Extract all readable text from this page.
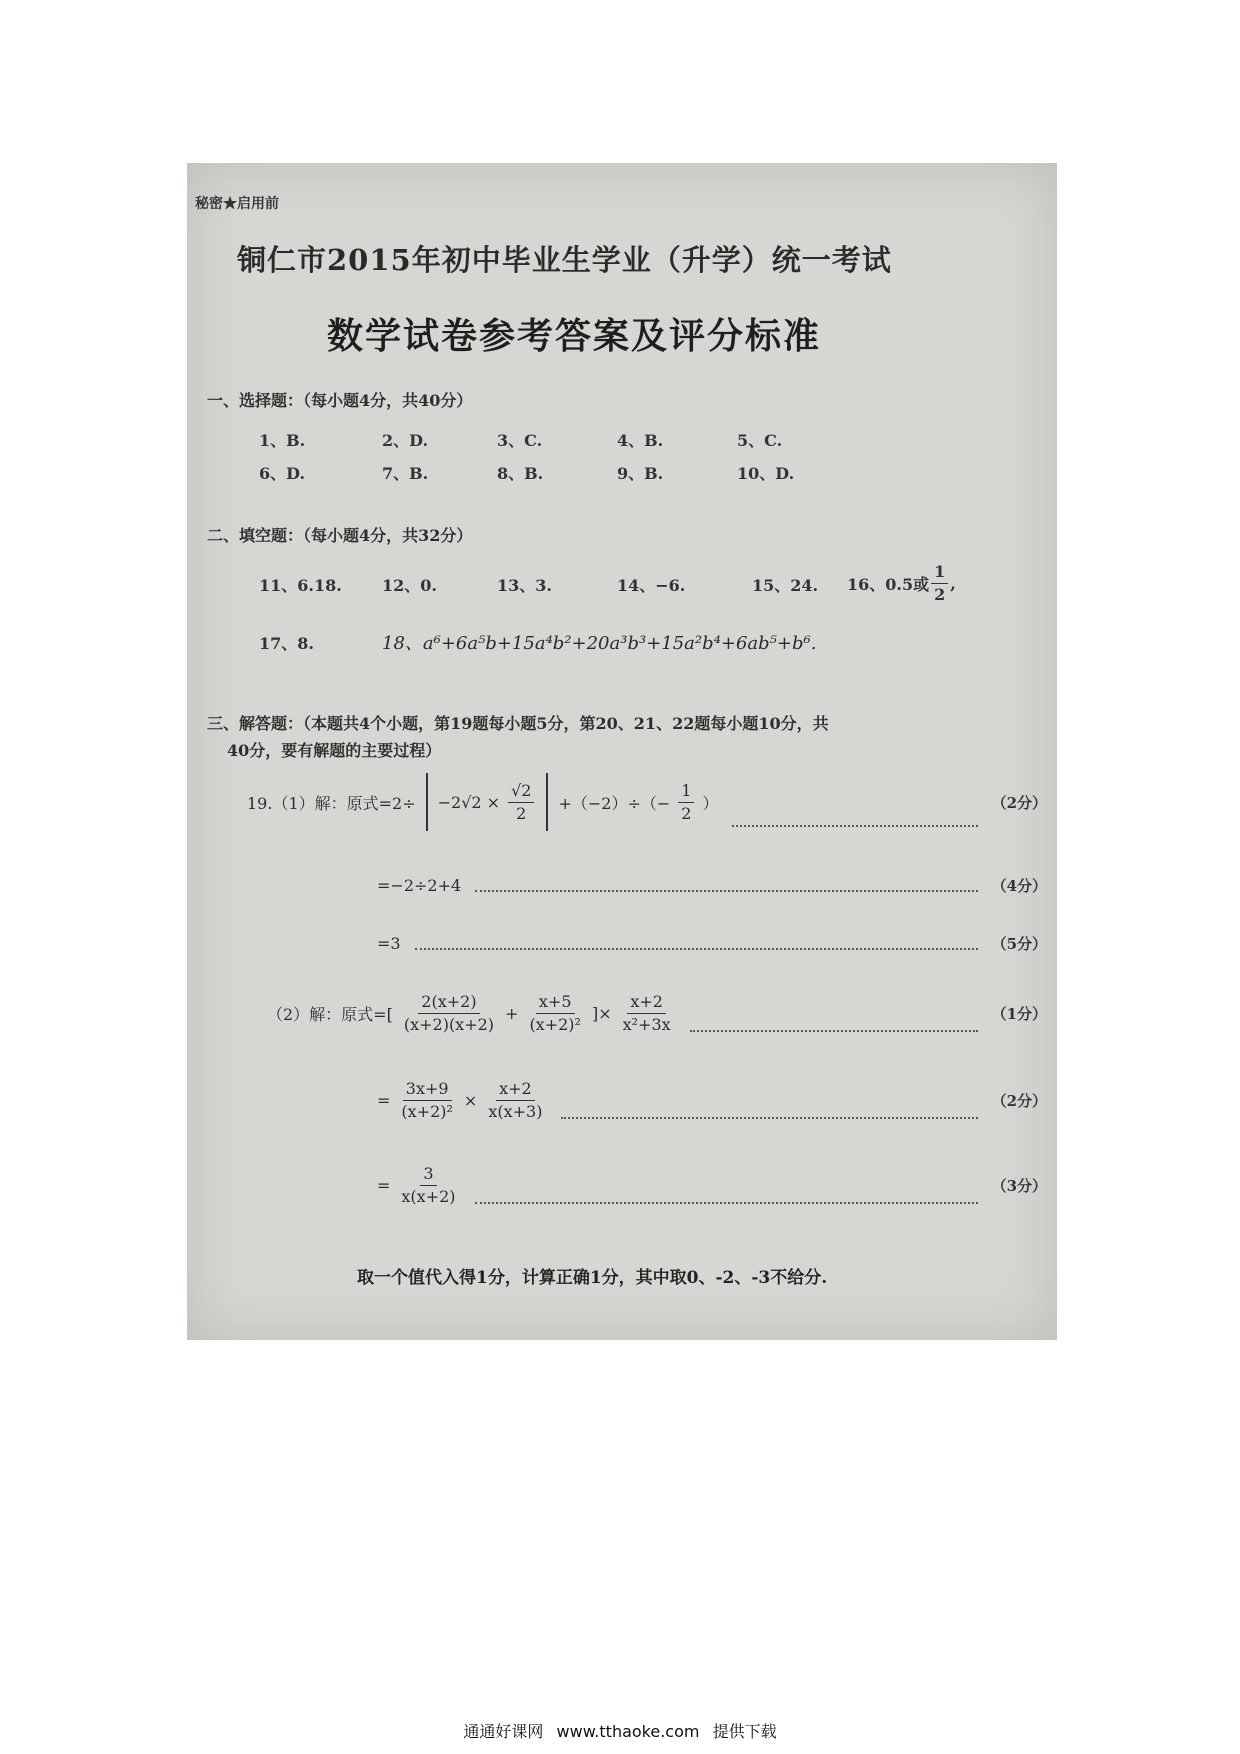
秘密★启用前
铜仁市2015年初中毕业生学业（升学）统一考试
数学试卷参考答案及评分标准
一、选择题：（每小题4分，共40分）
1、B.	2、D.	3、C.	4、B.	5、C.
6、D.	7、B.	8、B.	9、B.	10、D.
二、填空题：（每小题4分，共32分）
11、6.18.	12、0.	13、3.	14、−6.	15、24. 16、0.5或 $\frac{1}{2}$ ,
17、8.	18、a⁶+6a⁵b+15a⁴b²+20a³b³+15a²b⁴+6ab⁵+b⁶.
三、解答题：（本题共4个小题，第19题每小题5分，第20、21、22题每小题10分，共
40分，要有解题的主要过程）
19.（1）解：原式$=2\div -2√2 \times \frac{√2}{2} +(-2)\div(- \frac{1}{2}$ ）	（2分）
=−2÷2+4	（4分）
=3	（5分）
（2）解：原式=[ $\frac{2(x+2)}{(x+2)(x+2)} + \frac{x+5}{\text{(x+2)²}}$ ]× $\frac{x+2}{\text{x²+3x}}$	（1分）
= $\frac{3x+9}{\text{(x+2)²}} \times \frac{x+2}{x(x+3)}$	（2分）
= $\frac{3}{x(x+2)}$	（3分）
取一个值代入得1分，计算正确1分，其中取0、-2、-3不给分.
通通好课网 www.tthaoke.com 提供下载
